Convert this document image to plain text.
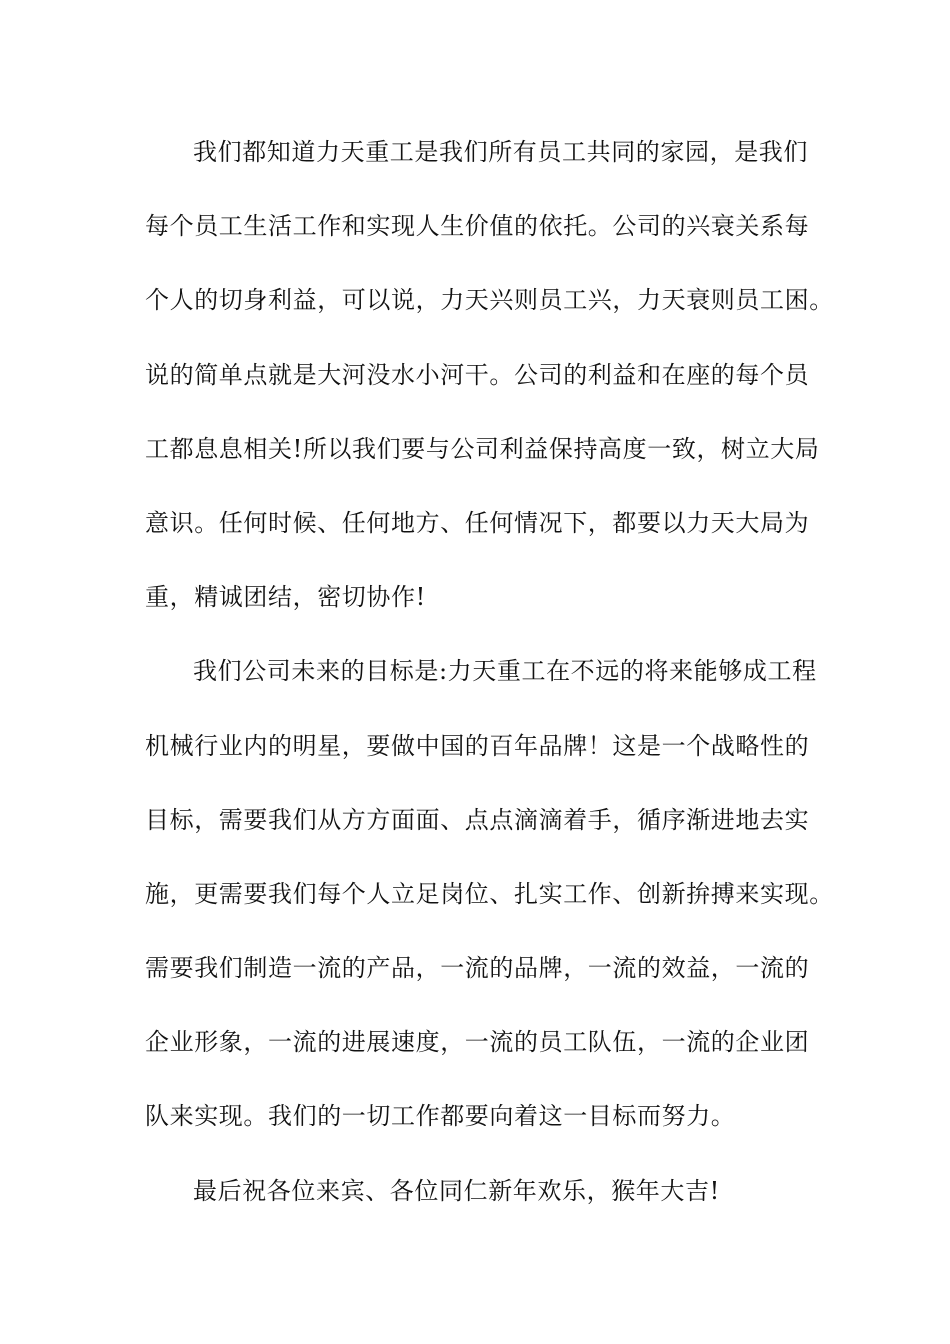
我们都知道力天重工是我们所有员工共同的家园，是我们
每个员工生活工作和实现人生价值的依托。公司的兴衰关系每
个人的切身利益，可以说，力天兴则员工兴，力天衰则员工困。
说的简单点就是大河没水小河干。公司的利益和在座的每个员
工都息息相关!所以我们要与公司利益保持高度一致，树立大局
意识。任何时候、任何地方、任何情况下，都要以力天大局为
重，精诚团结，密切协作!
我们公司未来的目标是:力天重工在不远的将来能够成工程
机械行业内的明星，要做中国的百年品牌！这是一个战略性的
目标，需要我们从方方面面、点点滴滴着手，循序渐进地去实
施，更需要我们每个人立足岗位、扎实工作、创新拚搏来实现。
需要我们制造一流的产品，一流的品牌，一流的效益，一流的
企业形象，一流的进展速度，一流的员工队伍，一流的企业团
队来实现。我们的一切工作都要向着这一目标而努力。
最后祝各位来宾、各位同仁新年欢乐，猴年大吉!
